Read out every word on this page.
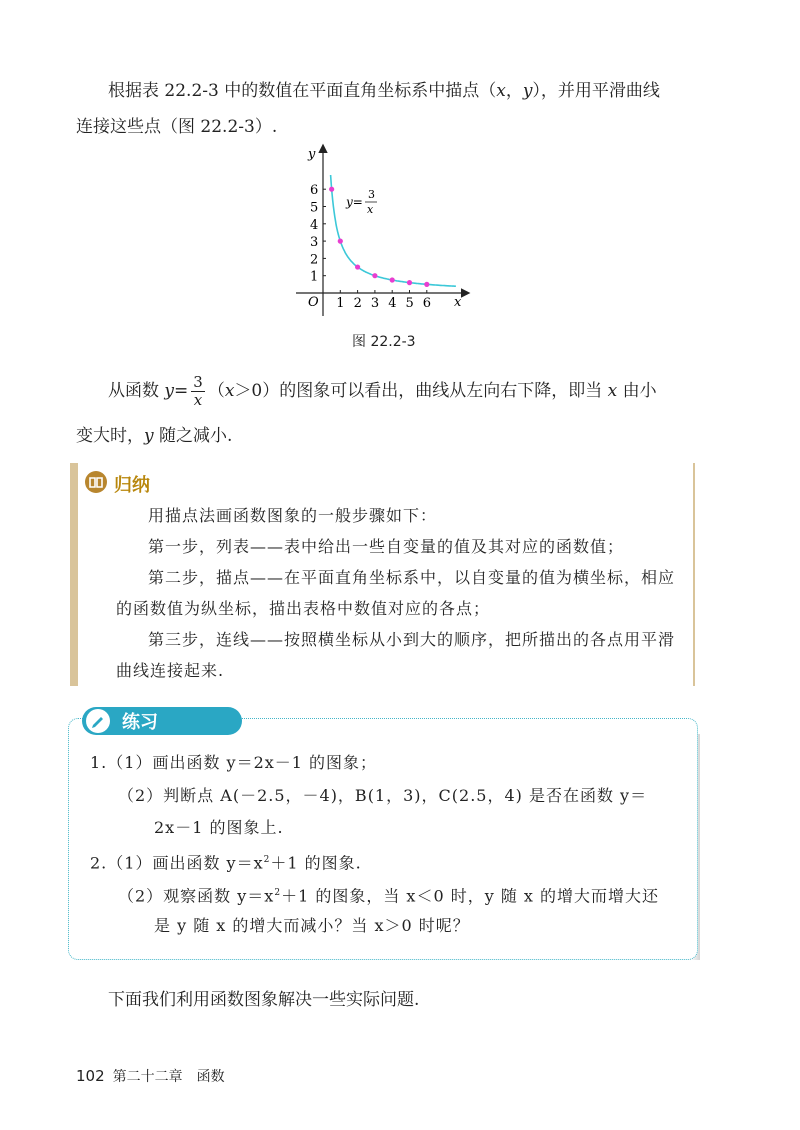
根据表 22.2-3 中的数值在平面直角坐标系中描点（x，y），并用平滑曲线
连接这些点（图 22.2-3）.
1 2 3 4 5 6
1
2
3
4
5
6
y
x
O
y=
3
x
图 22.2-3
从函数 $y= \frac{3}{x} (x>0)$的图象可以看出，曲线从左向右下降，即当 x 由小
变大时，y 随之减小.
归纳
用描点法画函数图象的一般步骤如下：
第一步，列表——表中给出一些自变量的值及其对应的函数值；
第二步，描点——在平面直角坐标系中，以自变量的值为横坐标，相应的函数值为纵坐标，描出表格中数值对应的各点；
第三步，连线——按照横坐标从小到大的顺序，把所描出的各点用平滑曲线连接起来.
练习
1.（1）画出函数 y＝2x－1 的图象；
（2）判断点 A(－2.5，－4)，B(1，3)，C(2.5，4) 是否在函数 y＝
2x－1 的图象上.
2.（1）画出函数 $y=x^2+1$ 的图象.
（2）观察函数 $y=x^2+1$ 的图象，当 x＜0 时，y 随 x 的增大而增大还
是 y 随 x 的增大而减小？当 x＞0 时呢？
下面我们利用函数图象解决一些实际问题.
102 第二十二章　函数
